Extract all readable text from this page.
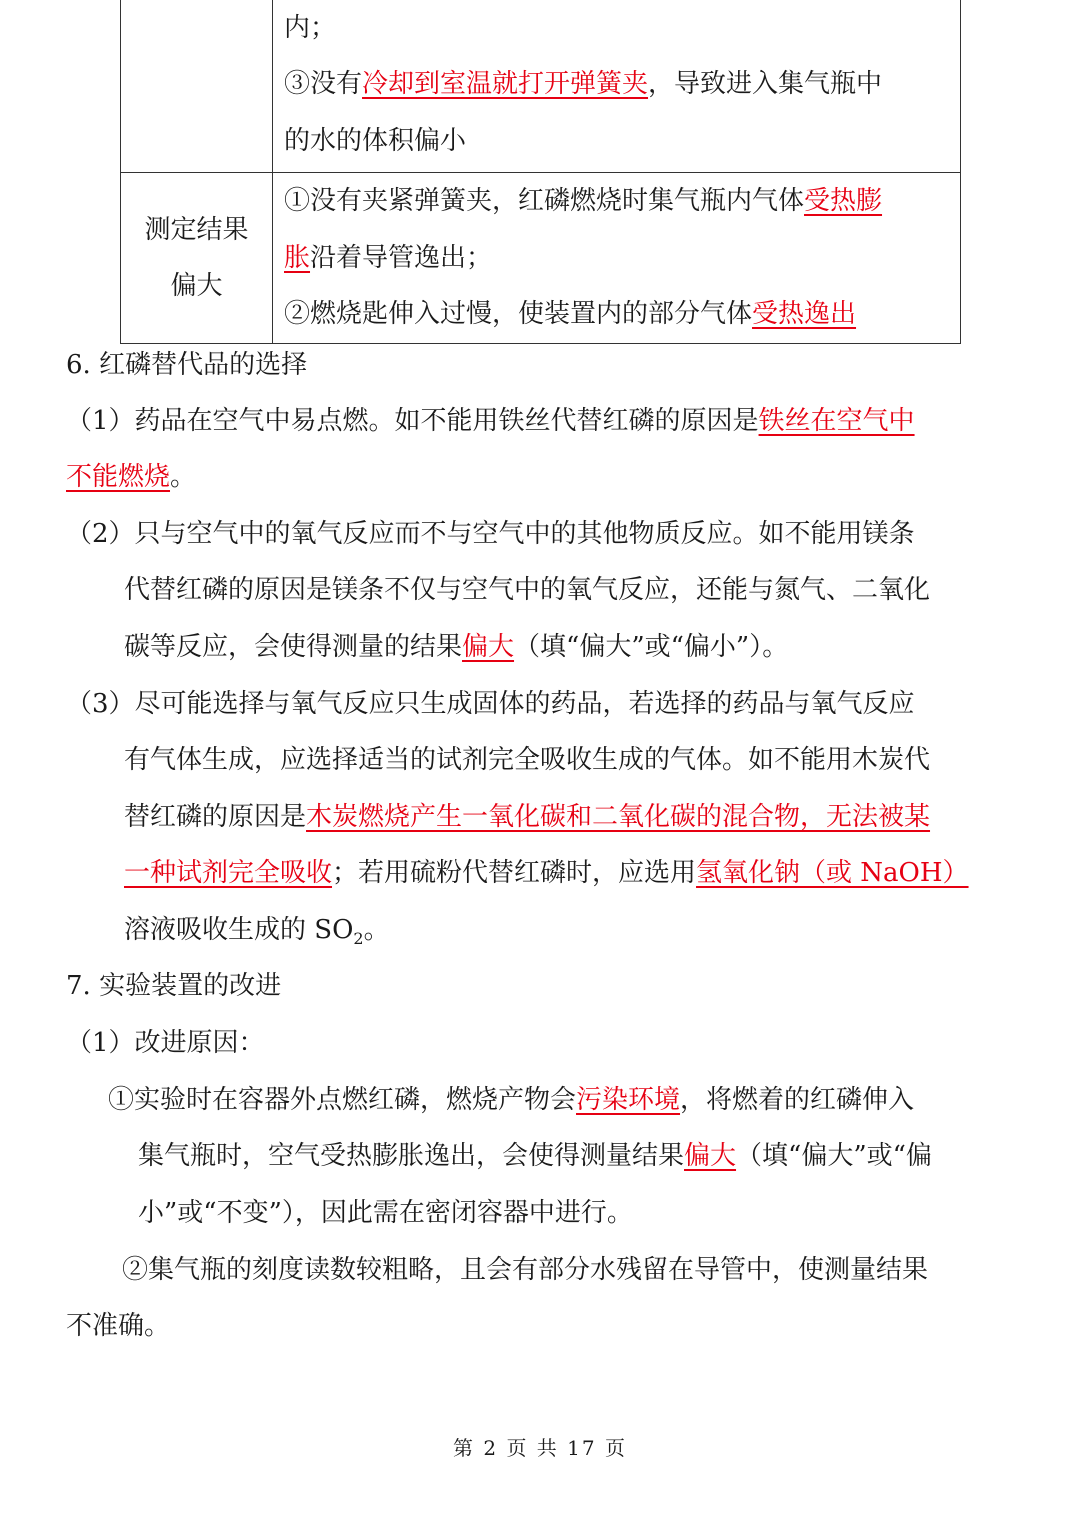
	内；
③没有冷却到室温就打开弹簧夹，导致进入集气瓶中
的水的体积偏小

测定结果
偏大	①没有夹紧弹簧夹，红磷燃烧时集气瓶内气体受热膨
胀沿着导管逸出；
②燃烧匙伸入过慢，使装置内的部分气体受热逸出
6. 红磷替代品的选择
（1）药品在空气中易点燃。如不能用铁丝代替红磷的原因是铁丝在空气中
不能燃烧。
（2）只与空气中的氧气反应而不与空气中的其他物质反应。如不能用镁条
代替红磷的原因是镁条不仅与空气中的氧气反应，还能与氮气、二氧化
碳等反应，会使得测量的结果偏大（填“偏大”或“偏小”）。
（3）尽可能选择与氧气反应只生成固体的药品，若选择的药品与氧气反应
有气体生成，应选择适当的试剂完全吸收生成的气体。如不能用木炭代
替红磷的原因是木炭燃烧产生一氧化碳和二氧化碳的混合物，无法被某
一种试剂完全吸收；若用硫粉代替红磷时，应选用氢氧化钠（或 NaOH）
溶液吸收生成的 $SO_2$。
7. 实验装置的改进
（1）改进原因：
①实验时在容器外点燃红磷，燃烧产物会污染环境，将燃着的红磷伸入
集气瓶时，空气受热膨胀逸出，会使得测量结果偏大（填“偏大”或“偏
小”或“不变”），因此需在密闭容器中进行。
②集气瓶的刻度读数较粗略，且会有部分水残留在导管中，使测量结果
不准确。
第 2 页 共 17 页
